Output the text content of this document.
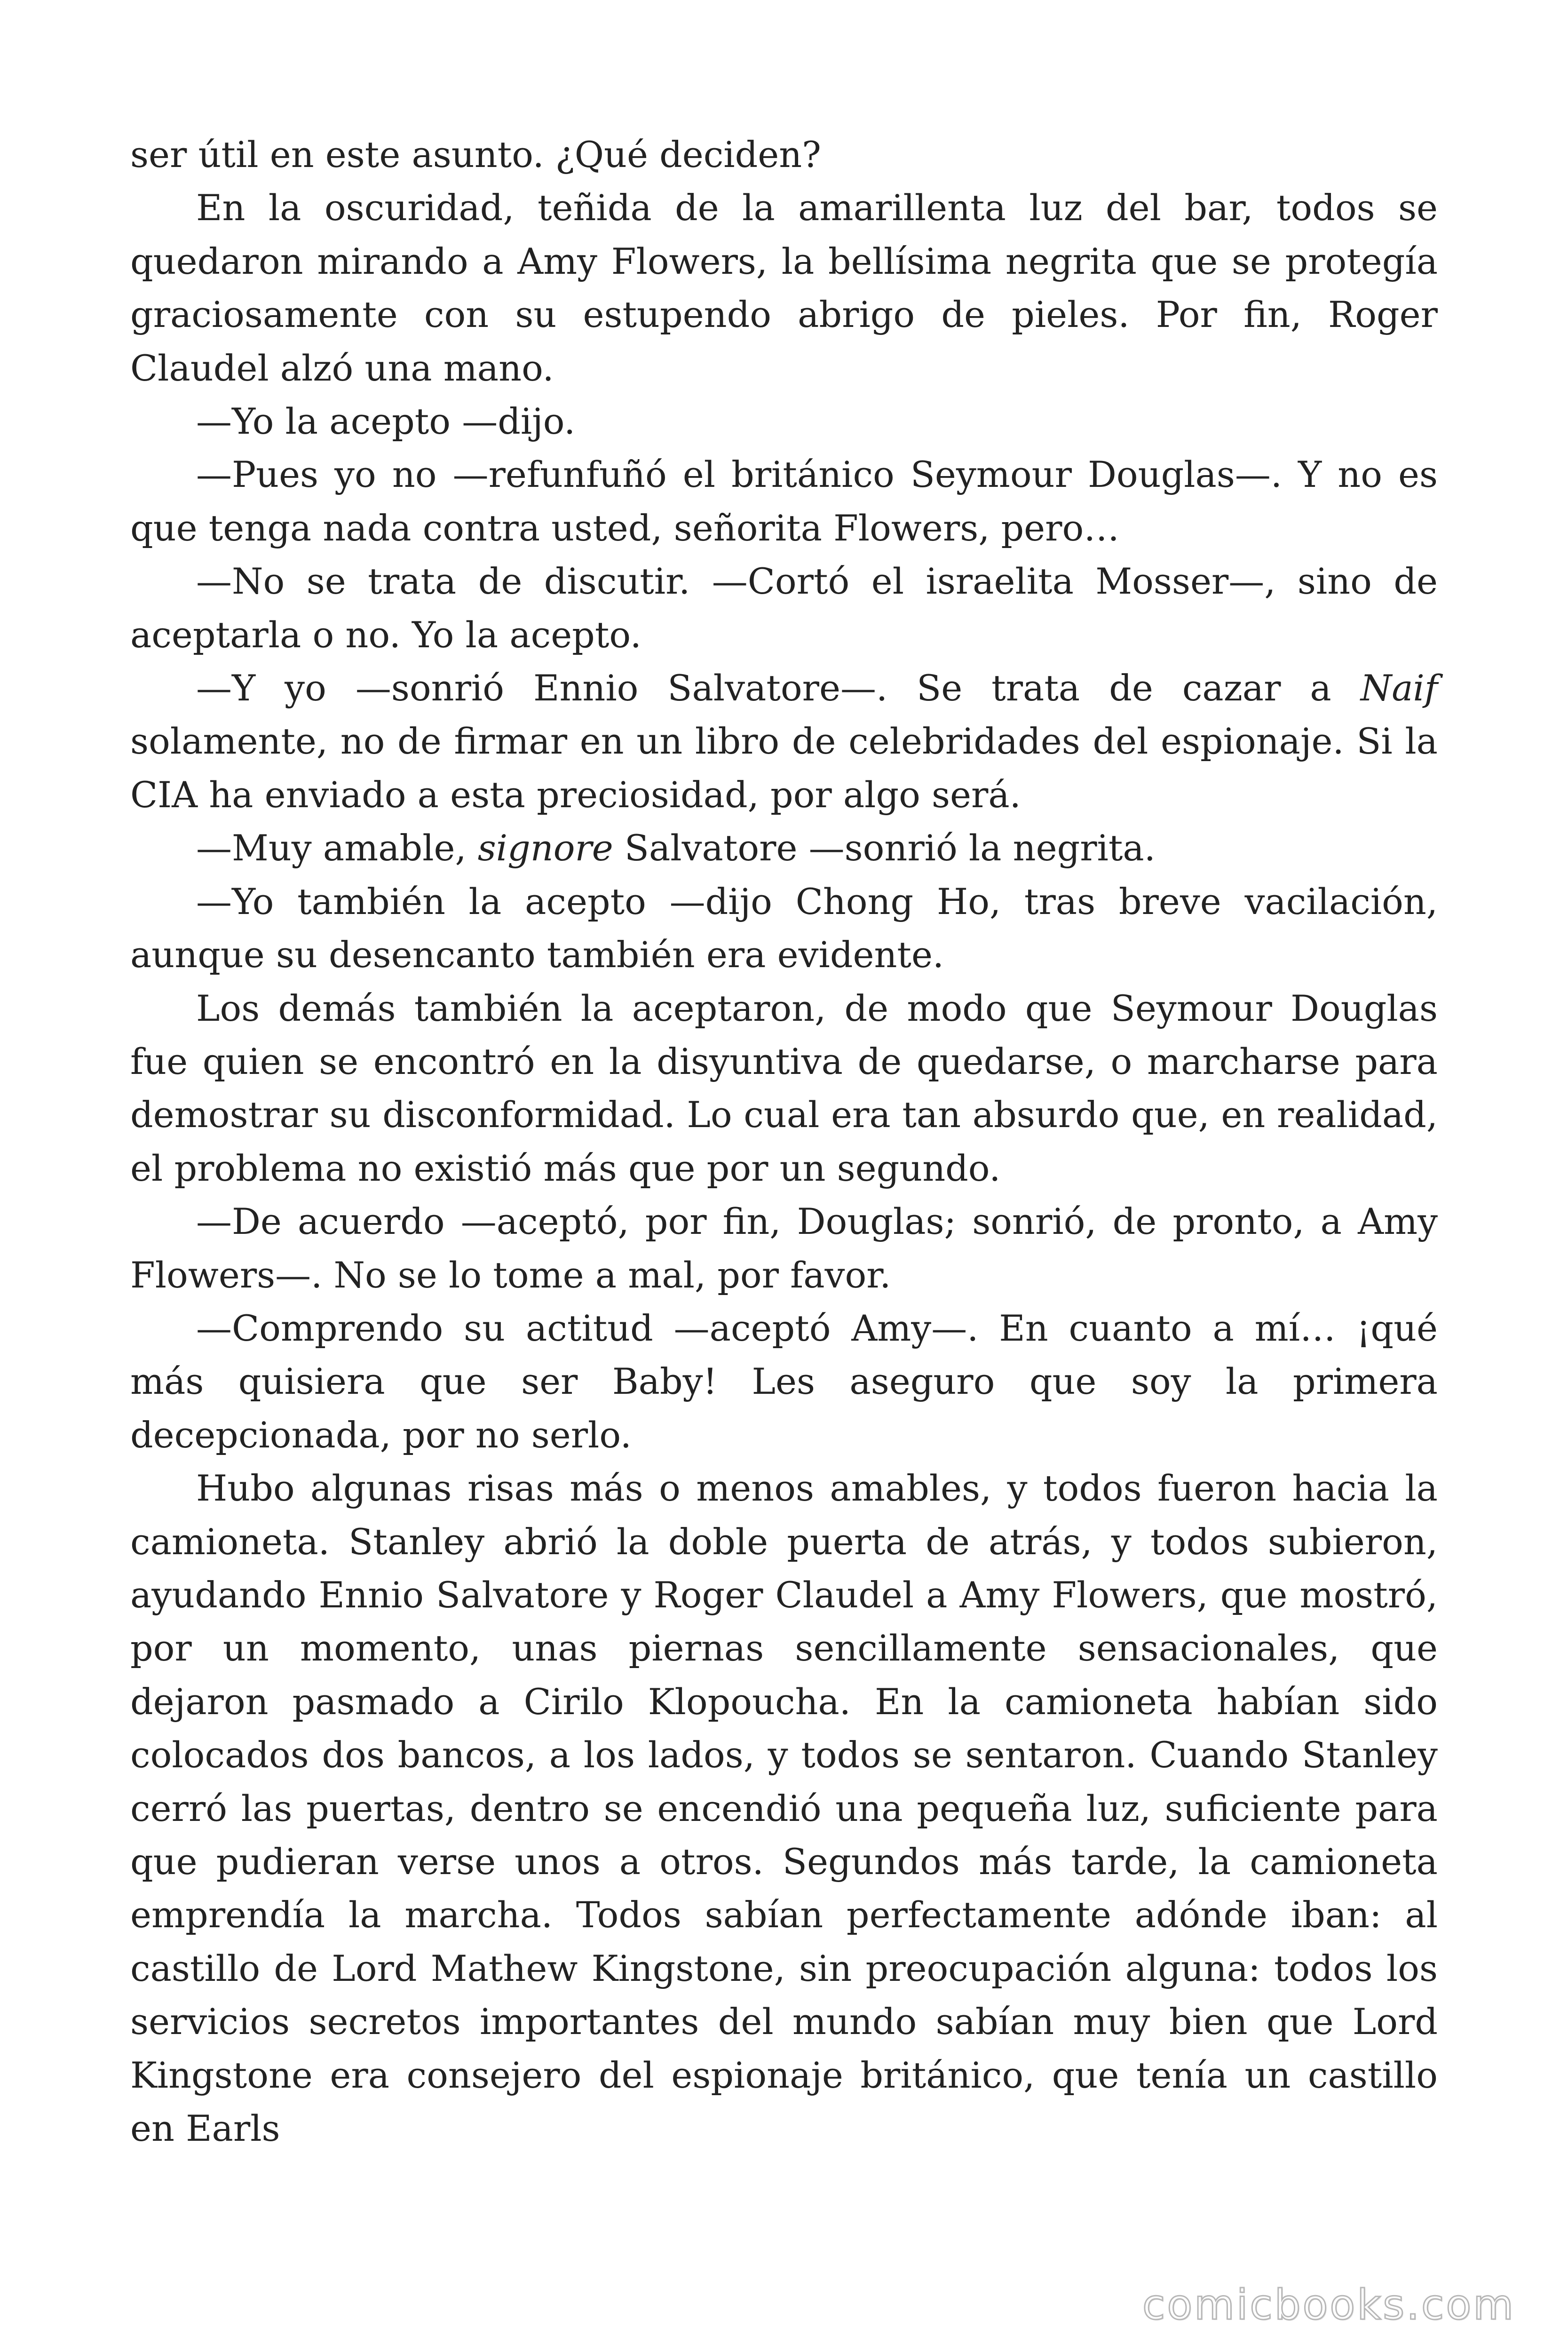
ser útil en este asunto. ¿Qué deciden?

En la oscuridad, teñida de la amarillenta luz del bar, todos se quedaron mirando a Amy Flowers, la bellísima negrita que se protegía graciosamente con su estupendo abrigo de pieles. Por fin, Roger Claudel alzó una mano.

—Yo la acepto —dijo.

—Pues yo no —refunfuñó el británico Seymour Douglas—. Y no es que tenga nada contra usted, señorita Flowers, pero…

—No se trata de discutir. —Cortó el israelita Mosser—, sino de aceptarla o no. Yo la acepto.

—Y yo —sonrió Ennio Salvatore—. Se trata de cazar a Naif solamente, no de firmar en un libro de celebridades del espionaje. Si la CIA ha enviado a esta preciosidad, por algo será.

—Muy amable, signore Salvatore —sonrió la negrita.

—Yo también la acepto —dijo Chong Ho, tras breve vacilación, aunque su desencanto también era evidente.

Los demás también la aceptaron, de modo que Seymour Douglas fue quien se encontró en la disyuntiva de quedarse, o marcharse para demostrar su disconformidad. Lo cual era tan absurdo que, en realidad, el problema no existió más que por un segundo.

—De acuerdo —aceptó, por fin, Douglas; sonrió, de pronto, a Amy Flowers—. No se lo tome a mal, por favor.

—Comprendo su actitud —aceptó Amy—. En cuanto a mí… ¡qué más quisiera que ser Baby! Les aseguro que soy la primera decepcionada, por no serlo.

Hubo algunas risas más o menos amables, y todos fueron hacia la camioneta. Stanley abrió la doble puerta de atrás, y todos subieron, ayudando Ennio Salvatore y Roger Claudel a Amy Flowers, que mostró, por un momento, unas piernas sencillamente sensacionales, que dejaron pasmado a Cirilo Klopoucha. En la camioneta habían sido colocados dos bancos, a los lados, y todos se sentaron. Cuando Stanley cerró las puertas, dentro se encendió una pequeña luz, suficiente para que pudieran verse unos a otros. Segundos más tarde, la camioneta emprendía la marcha. Todos sabían perfectamente adónde iban: al castillo de Lord Mathew Kingstone, sin preocupación alguna: todos los servicios secretos importantes del mundo sabían muy bien que Lord Kingstone era consejero del espionaje británico, que tenía un castillo en Earls

comicbooks.com
